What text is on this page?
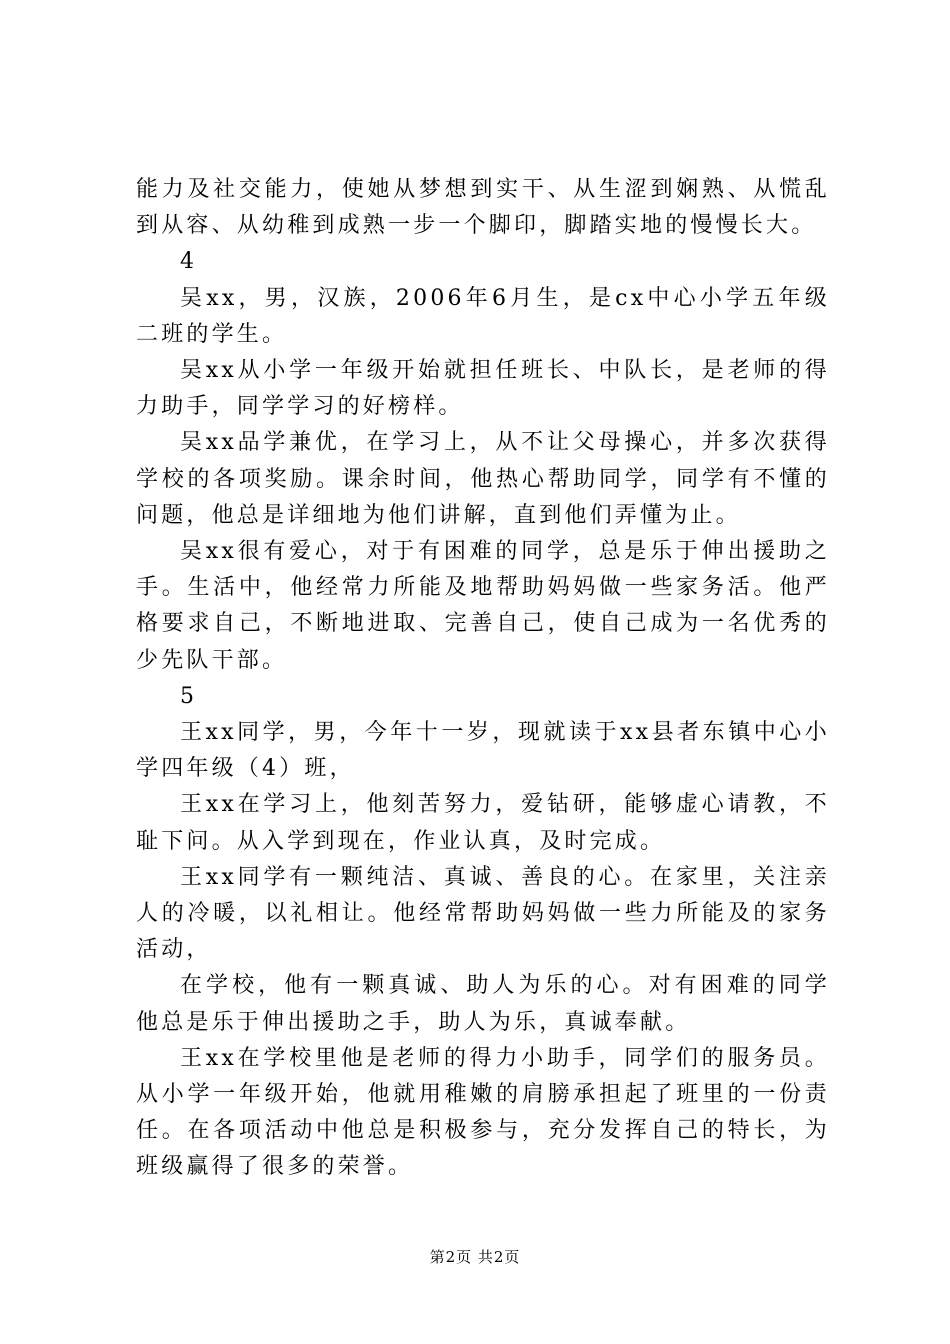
能力及社交能力，使她从梦想到实干、从生涩到娴熟、从慌乱到从容、从幼稚到成熟一步一个脚印，脚踏实地的慢慢长大。

4

吴xx，男，汉族，2006年6月生，是cx中心小学五年级二班的学生。

吴xx从小学一年级开始就担任班长、中队长，是老师的得力助手，同学学习的好榜样。

吴xx品学兼优，在学习上，从不让父母操心，并多次获得学校的各项奖励。课余时间，他热心帮助同学，同学有不懂的问题，他总是详细地为他们讲解，直到他们弄懂为止。

吴xx很有爱心，对于有困难的同学，总是乐于伸出援助之手。生活中，他经常力所能及地帮助妈妈做一些家务活。他严格要求自己，不断地进取、完善自己，使自己成为一名优秀的少先队干部。

5

王xx同学，男，今年十一岁，现就读于xx县者东镇中心小学四年级（4）班，

王xx在学习上，他刻苦努力，爱钻研，能够虚心请教，不耻下问。从入学到现在，作业认真，及时完成。

王xx同学有一颗纯洁、真诚、善良的心。在家里，关注亲人的冷暖，以礼相让。他经常帮助妈妈做一些力所能及的家务活动，

在学校，他有一颗真诚、助人为乐的心。对有困难的同学他总是乐于伸出援助之手，助人为乐，真诚奉献。

王xx在学校里他是老师的得力小助手，同学们的服务员。从小学一年级开始，他就用稚嫩的肩膀承担起了班里的一份责任。在各项活动中他总是积极参与，充分发挥自己的特长，为班级赢得了很多的荣誉。

第2页 共2页
